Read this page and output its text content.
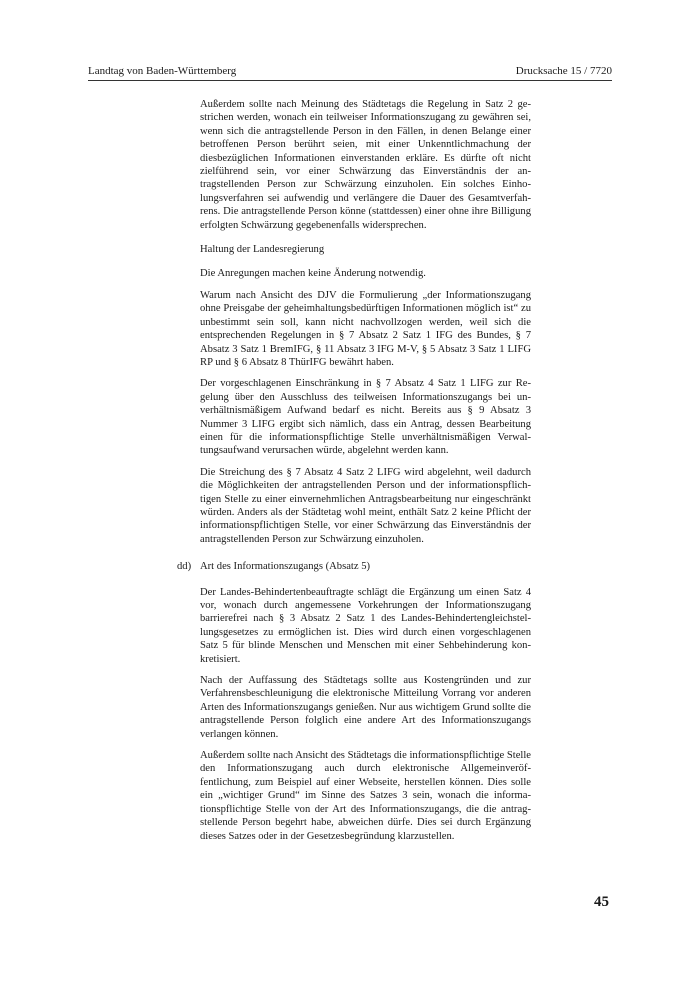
Landtag von Baden-Württemberg	Drucksache 15 / 7720

Außerdem sollte nach Meinung des Städtetags die Regelung in Satz 2 gestrichen werden, wonach ein teilweiser Informationszugang zu gewähren sei, wenn sich die antragstellende Person in den Fällen, in denen Belange einer betroffenen Person berührt seien, mit einer Unkenntlichmachung der diesbezüglichen Informationen einverstanden erkläre. Es dürfte oft nicht zielführend sein, vor einer Schwärzung das Einverständnis der antragstellenden Person zur Schwärzung einzuholen. Ein solches Einholungsverfahren sei aufwendig und verlängere die Dauer des Gesamtverfahrens. Die antragstellende Person könne (stattdessen) einer ohne ihre Billigung erfolgten Schwärzung gegebenenfalls widersprechen.

Haltung der Landesregierung

Die Anregungen machen keine Änderung notwendig.

Warum nach Ansicht des DJV die Formulierung „der Informationszugang ohne Preisgabe der geheimhaltungsbedürftigen Informationen möglich ist“ zu unbestimmt sein soll, kann nicht nachvollzogen werden, weil sich die entsprechenden Regelungen in § 7 Absatz 2 Satz 1 IFG des Bundes, § 7 Absatz 3 Satz 1 BremIFG, § 11 Absatz 3 IFG M-V, § 5 Absatz 3 Satz 1 LIFG RP und § 6 Absatz 8 ThürIFG bewährt haben.

Der vorgeschlagenen Einschränkung in § 7 Absatz 4 Satz 1 LIFG zur Regelung über den Ausschluss des teilweisen Informationszugangs bei unverhältnismäßigem Aufwand bedarf es nicht. Bereits aus § 9 Absatz 3 Nummer 3 LIFG ergibt sich nämlich, dass ein Antrag, dessen Bearbeitung einen für die informationspflichtige Stelle unverhältnismäßigen Verwaltungsaufwand verursachen würde, abgelehnt werden kann.

Die Streichung des § 7 Absatz 4 Satz 2 LIFG wird abgelehnt, weil dadurch die Möglichkeiten der antragstellenden Person und der informationspflichtigen Stelle zu einer einvernehmlichen Antragsbearbeitung nur eingeschränkt würden. Anders als der Städtetag wohl meint, enthält Satz 2 keine Pflicht der informationspflichtigen Stelle, vor einer Schwärzung das Einverständnis der antragstellenden Person zur Schwärzung einzuholen.

dd) Art des Informationszugangs (Absatz 5)

Der Landes-Behindertenbeauftragte schlägt die Ergänzung um einen Satz 4 vor, wonach durch angemessene Vorkehrungen der Informationszugang barrierefrei nach § 3 Absatz 2 Satz 1 des Landes-Behindertengleichstellungsgesetzes zu ermöglichen ist. Dies wird durch einen vorgeschlagenen Satz 5 für blinde Menschen und Menschen mit einer Sehbehinderung konkretisiert.

Nach der Auffassung des Städtetags sollte aus Kostengründen und zur Verfahrensbeschleunigung die elektronische Mitteilung Vorrang vor anderen Arten des Informationszugangs genießen. Nur aus wichtigem Grund sollte die antragstellende Person folglich eine andere Art des Informationszugangs verlangen können.

Außerdem sollte nach Ansicht des Städtetags die informationspflichtige Stelle den Informationszugang auch durch elektronische Allgemeinveröffentlichung, zum Beispiel auf einer Webseite, herstellen können. Dies solle ein „wichtiger Grund“ im Sinne des Satzes 3 sein, wonach die informationspflichtige Stelle von der Art des Informationszugangs, die die antragstellende Person begehrt habe, abweichen dürfe. Dies sei durch Ergänzung dieses Satzes oder in der Gesetzesbegründung klarzustellen.

45
